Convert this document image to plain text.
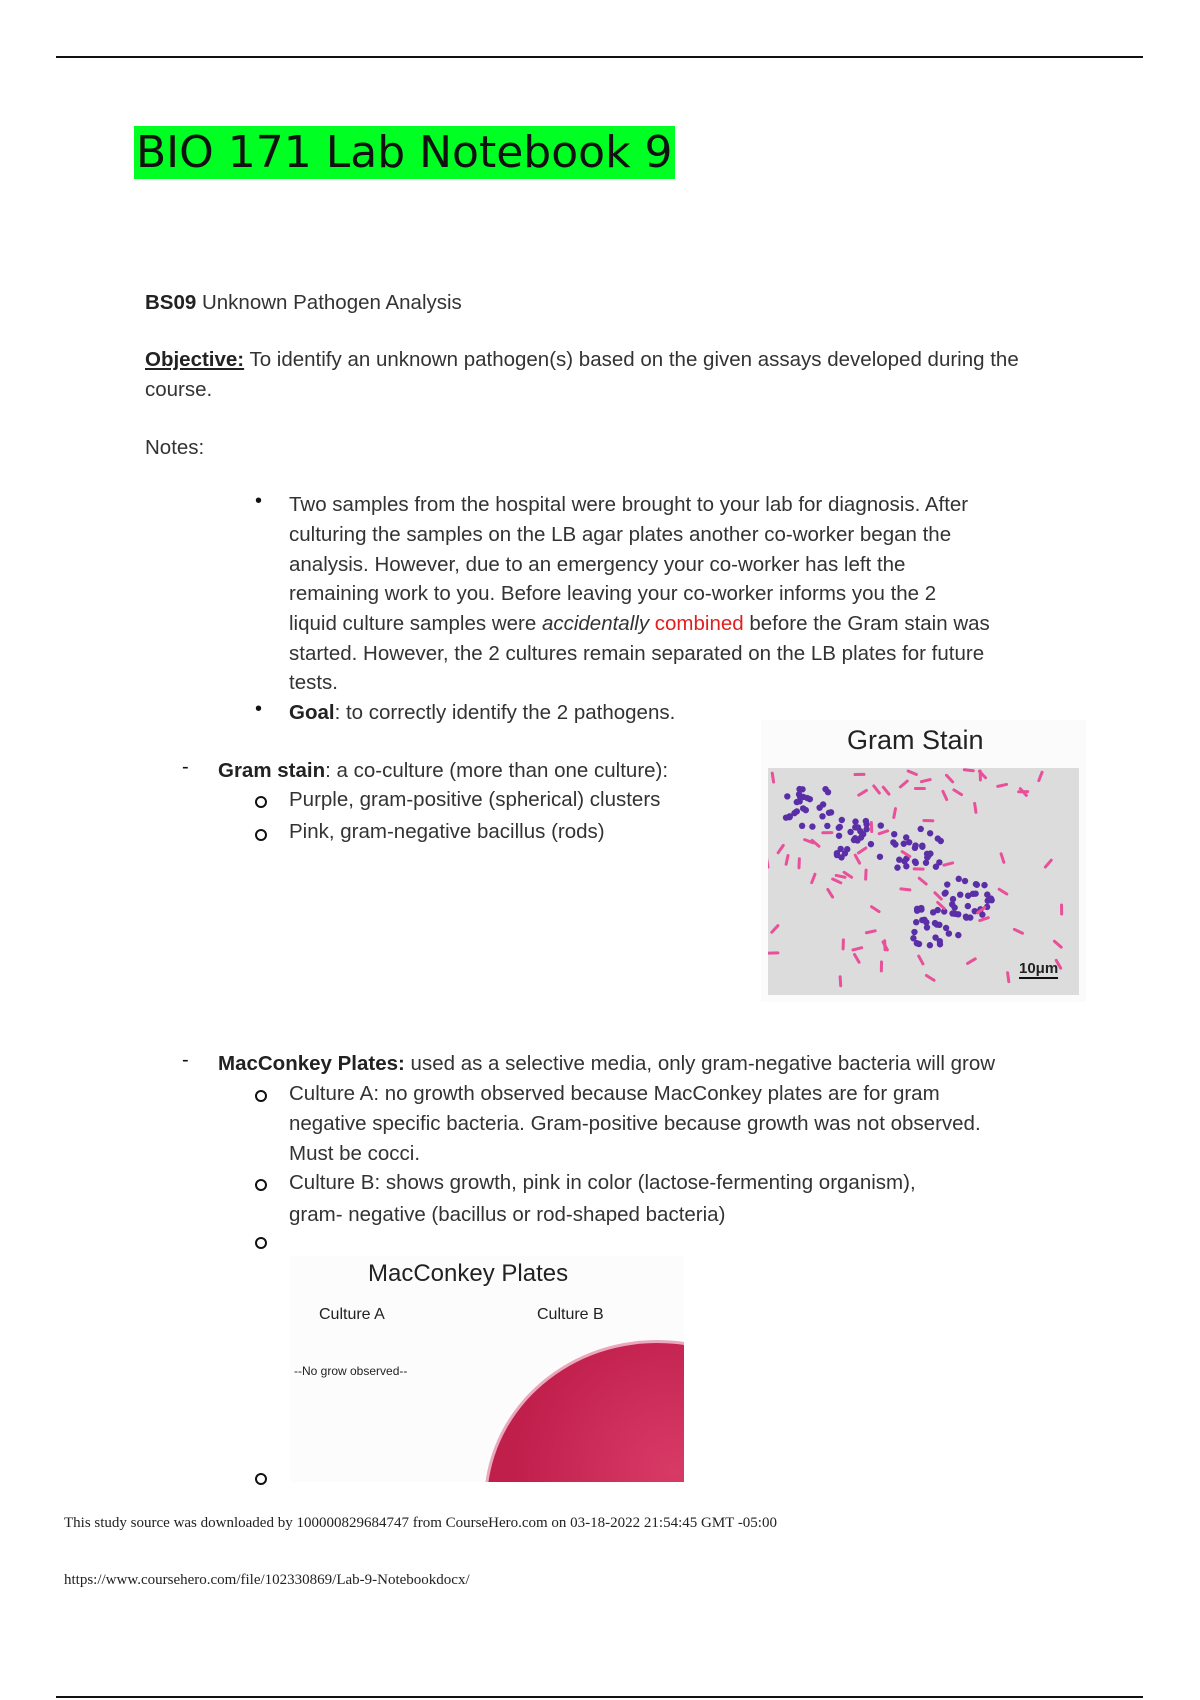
BIO 171 Lab Notebook 9
BS09 Unknown Pathogen Analysis
Objective: To identify an unknown pathogen(s) based on the given assays developed during the
course.
Notes:
• Two samples from the hospital were brought to your lab for diagnosis. After
culturing the samples on the LB agar plates another co-worker began the
analysis. However, due to an emergency your co-worker has left the
remaining work to you. Before leaving your co-worker informs you the 2
liquid culture samples were accidentally combined before the Gram stain was
started. However, the 2 cultures remain separated on the LB plates for future
tests.
• Goal: to correctly identify the 2 pathogens.
- Gram stain: a co-culture (more than one culture):
Purple, gram-positive (spherical) clusters
Pink, gram-negative bacillus (rods)
Gram Stain
10μm
- MacConkey Plates: used as a selective media, only gram-negative bacteria will grow
Culture A: no growth observed because MacConkey plates are for gram
negative specific bacteria. Gram-positive because growth was not observed.
Must be cocci.
Culture B: shows growth, pink in color (lactose-fermenting organism),
gram- negative (bacillus or rod-shaped bacteria)
MacConkey Plates
Culture A	Culture B
--No grow observed--
This study source was downloaded by 100000829684747 from CourseHero.com on 03-18-2022 21:54:45 GMT -05:00
https://www.coursehero.com/file/102330869/Lab-9-Notebookdocx/
